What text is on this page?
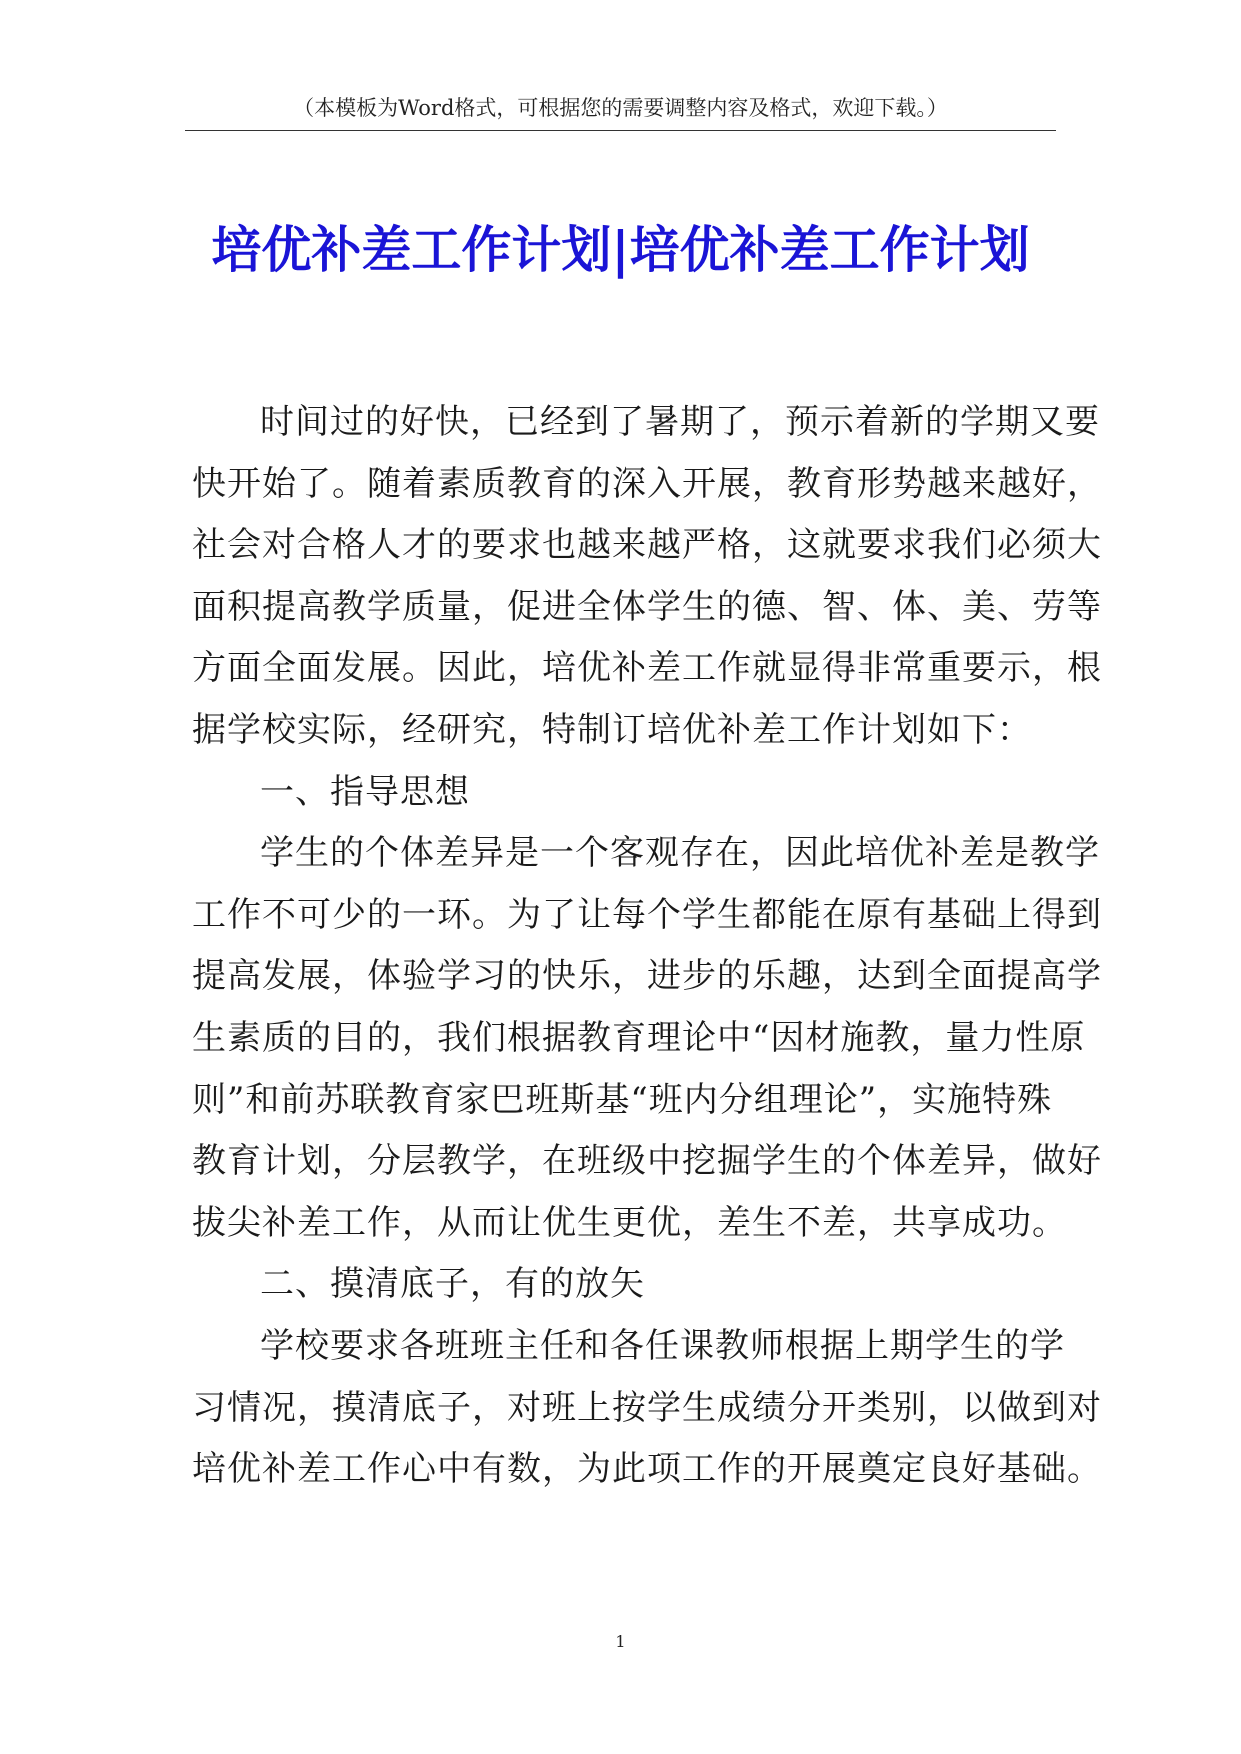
（本模板为Word格式，可根据您的需要调整内容及格式，欢迎下载。）
培优补差工作计划|培优补差工作计划
时间过的好快，已经到了暑期了，预示着新的学期又要
快开始了。随着素质教育的深入开展，教育形势越来越好，
社会对合格人才的要求也越来越严格，这就要求我们必须大
面积提高教学质量，促进全体学生的德、智、体、美、劳等
方面全面发展。因此，培优补差工作就显得非常重要示，根
据学校实际，经研究，特制订培优补差工作计划如下：
一、指导思想
学生的个体差异是一个客观存在，因此培优补差是教学
工作不可少的一环。为了让每个学生都能在原有基础上得到
提高发展，体验学习的快乐，进步的乐趣，达到全面提高学
生素质的目的，我们根据教育理论中“因材施教，量力性原
则”和前苏联教育家巴班斯基“班内分组理论”，实施特殊
教育计划，分层教学，在班级中挖掘学生的个体差异，做好
拔尖补差工作，从而让优生更优，差生不差，共享成功。
二、摸清底子，有的放矢
学校要求各班班主任和各任课教师根据上期学生的学
习情况，摸清底子，对班上按学生成绩分开类别，以做到对
培优补差工作心中有数，为此项工作的开展奠定良好基础。
1
